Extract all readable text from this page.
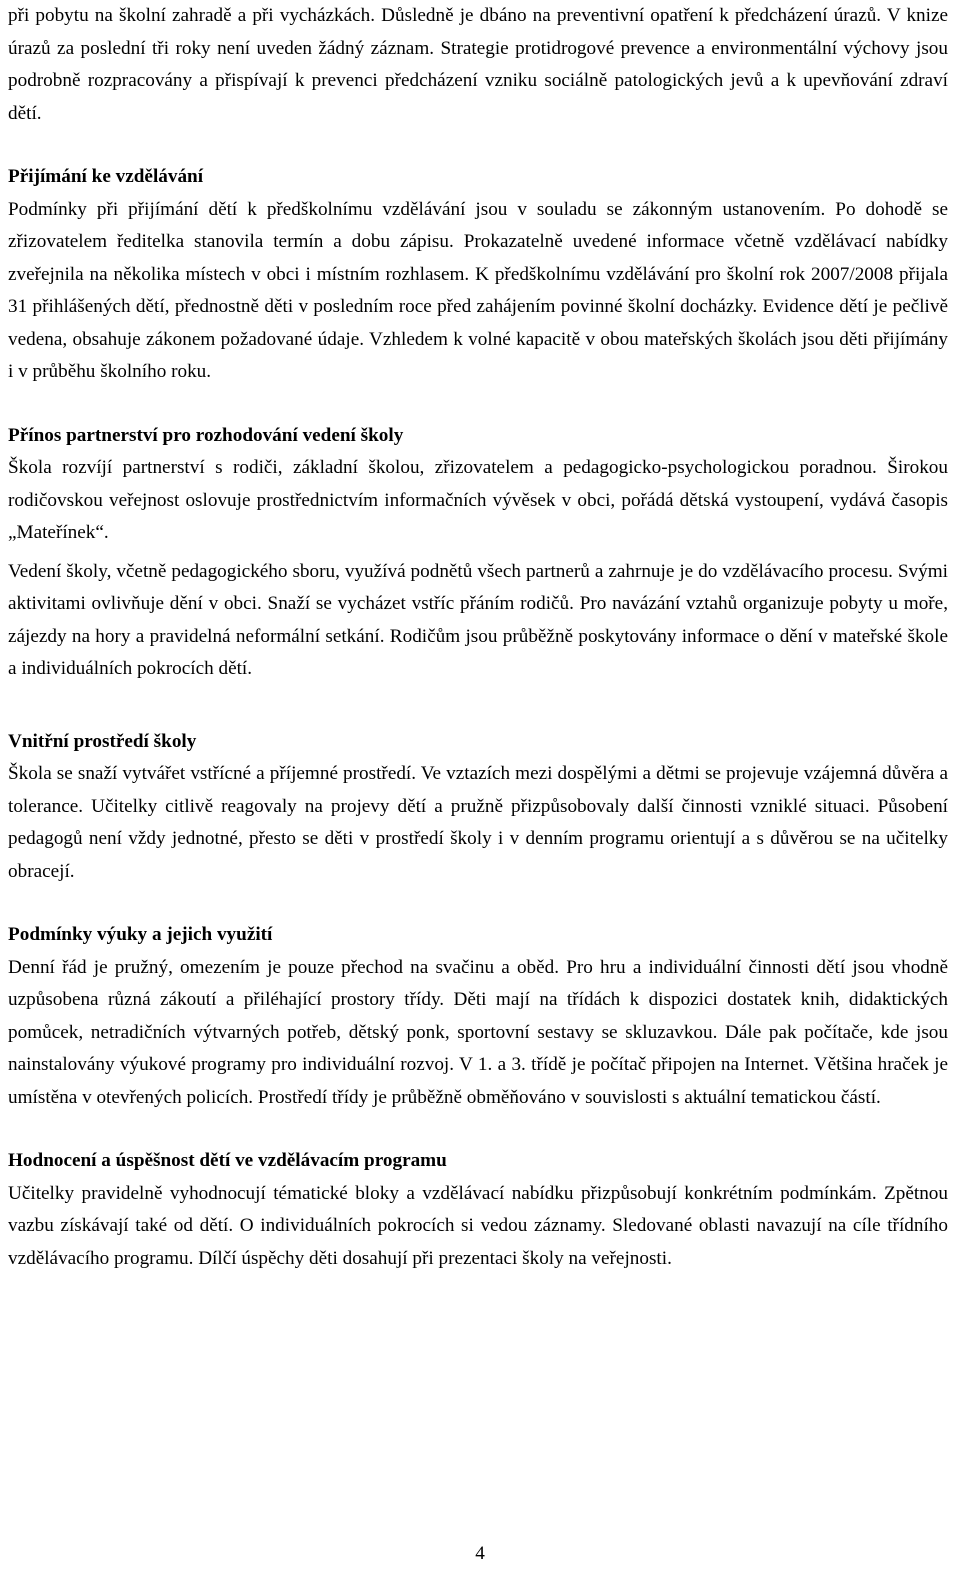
při pobytu na školní zahradě a při vycházkách. Důsledně je dbáno na preventivní opatření k předcházení úrazů. V knize úrazů za poslední tři roky není uveden žádný záznam. Strategie protidrogové prevence a environmentální výchovy jsou podrobně rozpracovány a přispívají k prevenci předcházení vzniku sociálně patologických jevů a k upevňování zdraví dětí.

Přijímání ke vzdělávání

Podmínky při přijímání dětí k předškolnímu vzdělávání jsou v souladu se zákonným ustanovením. Po dohodě se zřizovatelem ředitelka stanovila termín a dobu zápisu. Prokazatelně uvedené informace včetně vzdělávací nabídky zveřejnila na několika místech v obci i místním rozhlasem. K předškolnímu vzdělávání pro školní rok 2007/2008 přijala 31 přihlášených dětí, přednostně děti v posledním roce před zahájením povinné školní docházky. Evidence dětí je pečlivě vedena, obsahuje zákonem požadované údaje. Vzhledem k volné kapacitě v obou mateřských školách jsou děti přijímány i v průběhu školního roku.

Přínos partnerství pro rozhodování vedení školy

Škola rozvíjí partnerství s rodiči, základní školou, zřizovatelem a pedagogicko-psychologickou poradnou. Širokou rodičovskou veřejnost oslovuje prostřednictvím informačních vývěsek v obci, pořádá dětská vystoupení, vydává časopis „Mateřínek“.

Vedení školy, včetně pedagogického sboru, využívá podnětů všech partnerů a zahrnuje je do vzdělávacího procesu. Svými aktivitami ovlivňuje dění v obci. Snaží se vycházet vstříc přáním rodičů. Pro navázání vztahů organizuje pobyty u moře, zájezdy na hory a pravidelná neformální setkání. Rodičům jsou průběžně poskytovány informace o dění v mateřské škole a individuálních pokrocích dětí.

Vnitřní prostředí školy

Škola se snaží vytvářet vstřícné a příjemné prostředí. Ve vztazích mezi dospělými a dětmi se projevuje vzájemná důvěra a tolerance. Učitelky citlivě reagovaly na projevy dětí a pružně přizpůsobovaly další činnosti vzniklé situaci. Působení pedagogů není vždy jednotné, přesto se děti v prostředí školy i v denním programu orientují a s důvěrou se na učitelky obracejí.

Podmínky výuky a jejich využití

Denní řád je pružný, omezením je pouze přechod na svačinu a oběd. Pro hru a individuální činnosti dětí jsou vhodně uzpůsobena různá zákoutí a přiléhající prostory třídy. Děti mají na třídách k dispozici dostatek knih, didaktických pomůcek, netradičních výtvarných potřeb, dětský ponk, sportovní sestavy se skluzavkou. Dále pak počítače, kde jsou nainstalovány výukové programy pro individuální rozvoj. V 1. a 3. třídě je počítač připojen na Internet. Většina hraček je umístěna v otevřených policích. Prostředí třídy je průběžně obměňováno v souvislosti s aktuální tematickou částí.

Hodnocení a úspěšnost dětí ve vzdělávacím programu

Učitelky pravidelně vyhodnocují tématické bloky a vzdělávací nabídku přizpůsobují konkrétním podmínkám. Zpětnou vazbu získávají také od dětí. O individuálních pokrocích si vedou záznamy. Sledované oblasti navazují na cíle třídního vzdělávacího programu. Dílčí úspěchy děti dosahují při prezentaci školy na veřejnosti.

4
